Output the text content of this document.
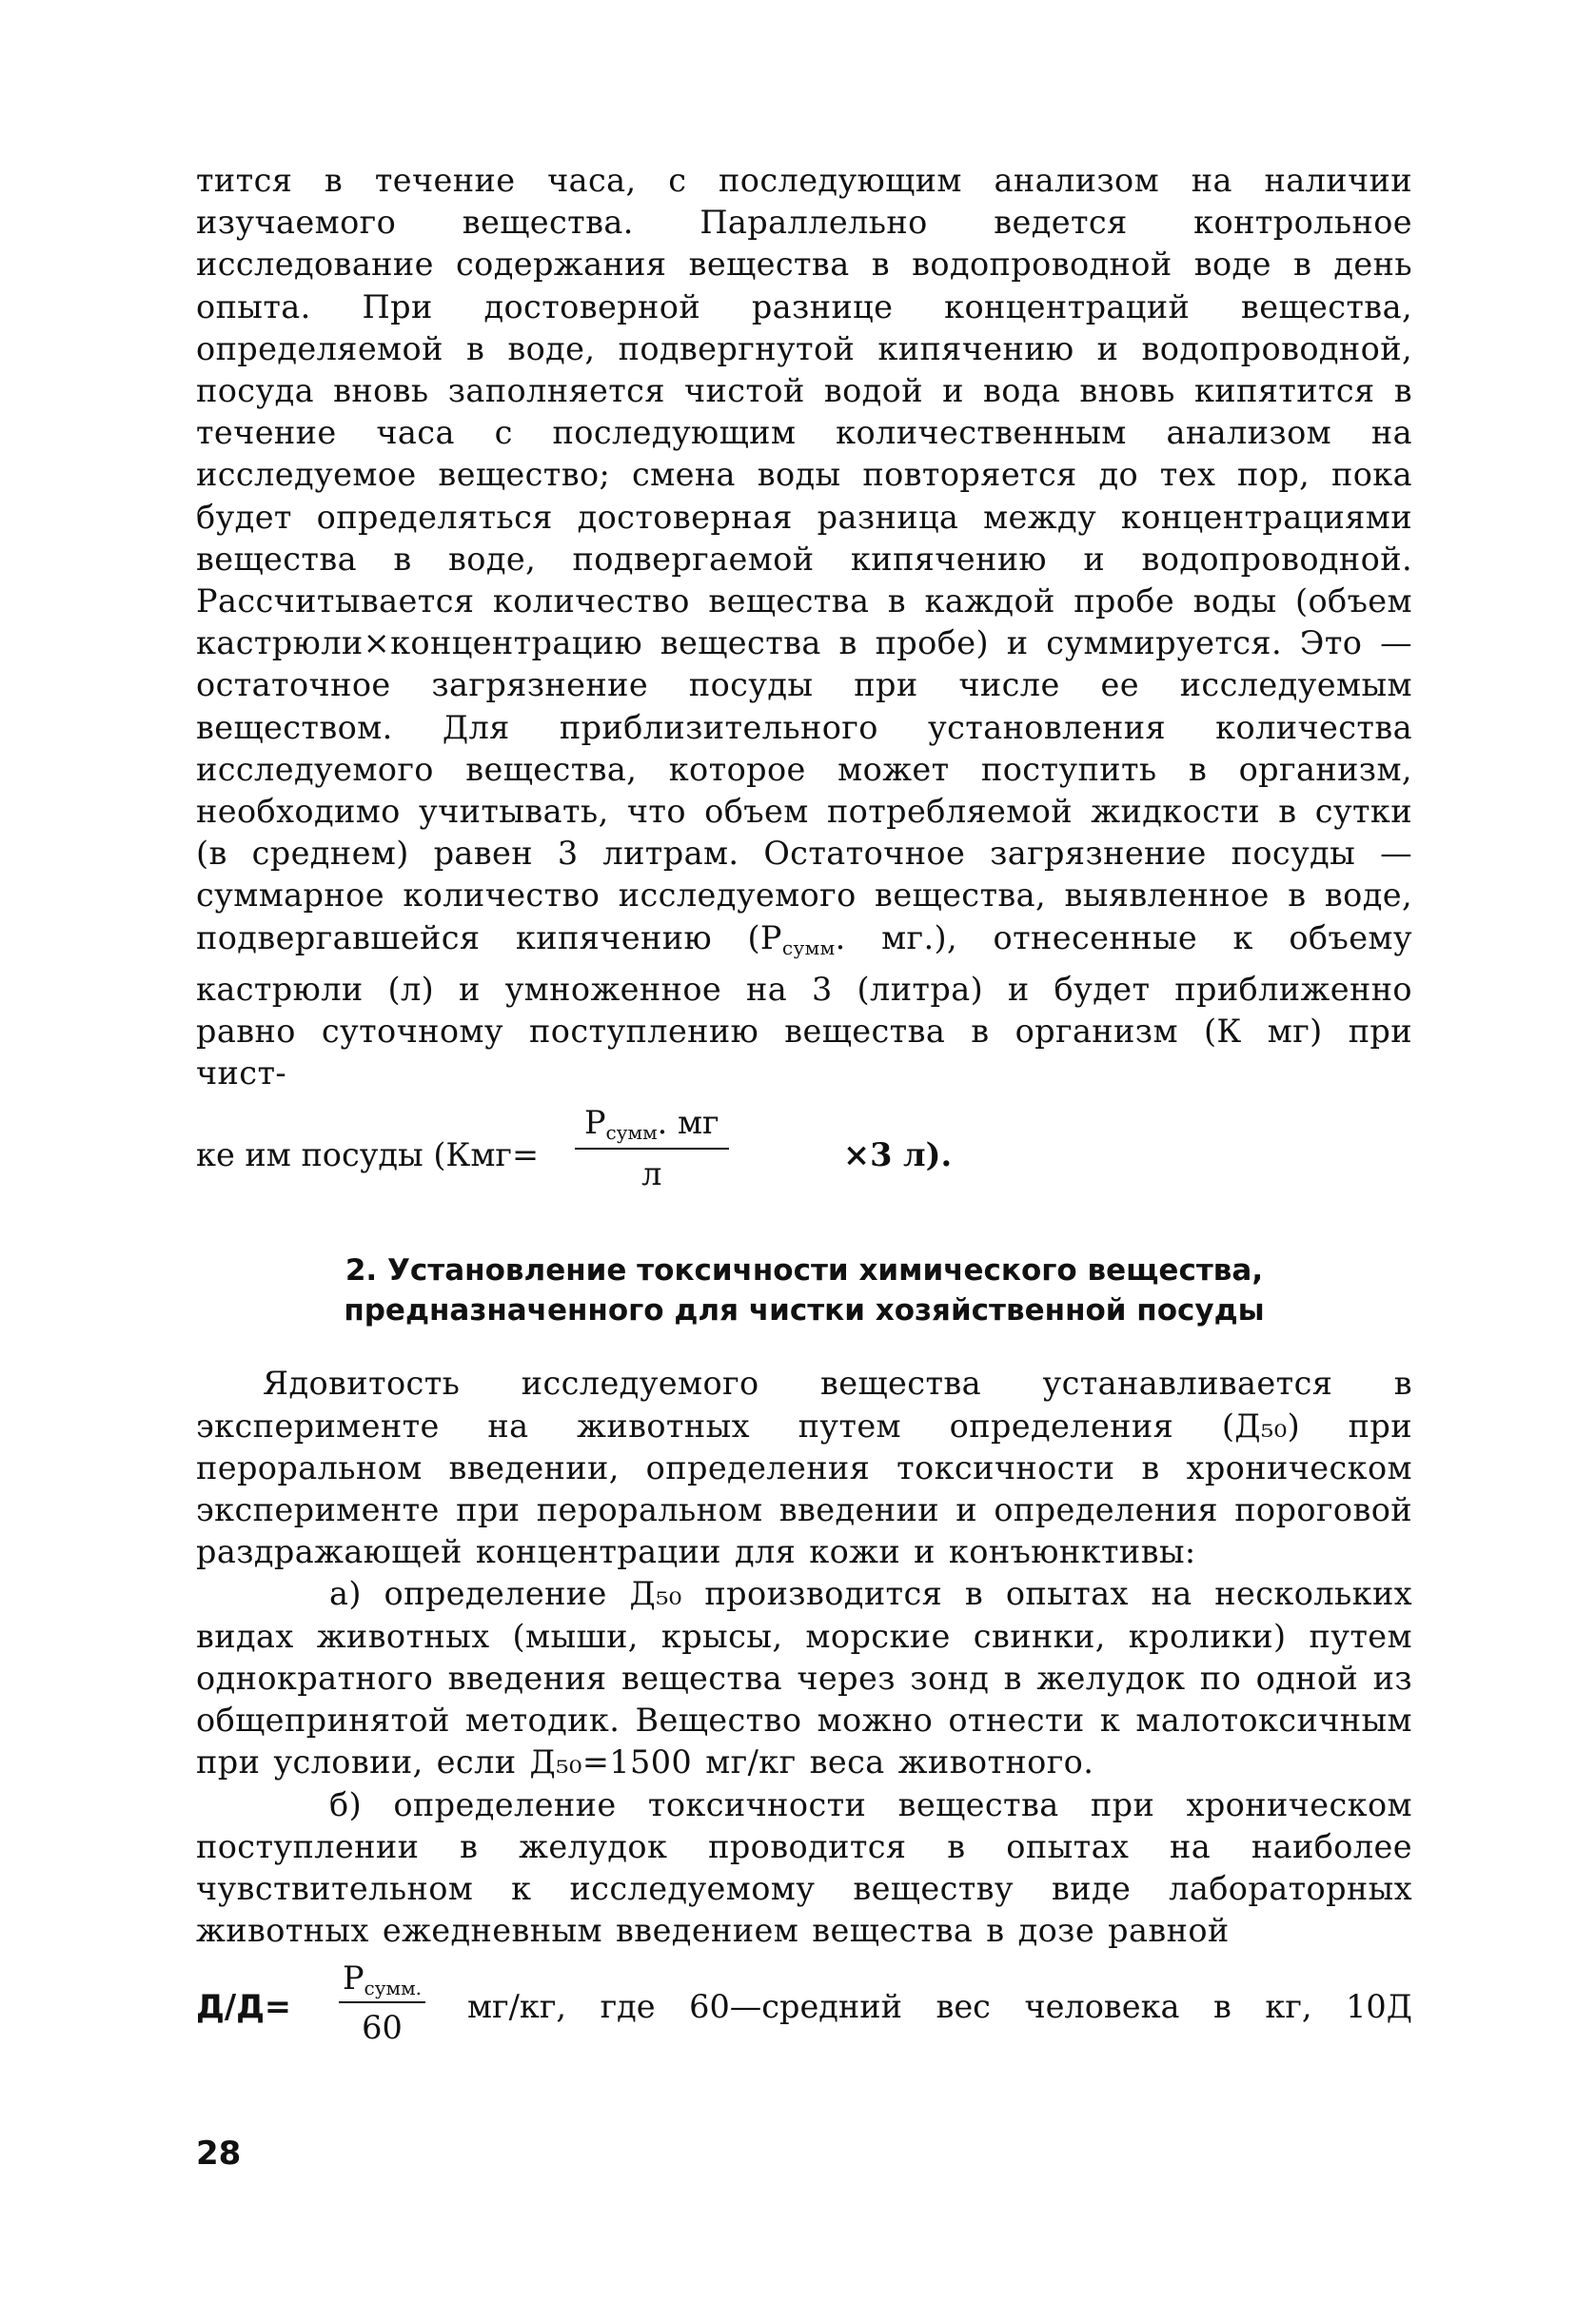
тится в течение часа, с последующим анализом на наличии изучаемого вещества. Параллельно ведется контрольное исследование содержания вещества в водопроводной воде в день опыта. При достоверной разнице концентраций вещества, определяемой в воде, подвергнутой кипячению и водопроводной, посуда вновь заполняется чистой водой и вода вновь кипятится в течение часа с последующим количественным анализом на исследуемое вещество; смена воды повторяется до тех пор, пока будет определяться достоверная разница между концентрациями вещества в воде, подвергаемой кипячению и водопроводной. Рассчитывается количество вещества в каждой пробе воды (объем кастрюли×концентрацию вещества в пробе) и суммируется. Это — остаточное загрязнение посуды при числе ее исследуемым веществом. Для приблизительного установления количества исследуемого вещества, которое может поступить в организм, необходимо учитывать, что объем потребляемой жидкости в сутки (в среднем) равен 3 литрам. Остаточное загрязнение посуды — суммарное количество исследуемого вещества, выявленное в воде, подвергавшейся кипячению ($Р_{сумм}$. мг.), отнесенные к объему кастрюли (л) и умноженное на 3 (литра) и будет приближенно равно суточному поступлению вещества в организм (К мг) при чист-

ке им посуды (Кмг=
$Р_{сумм}$. мг
л
×3 л).
2. Установление токсичности химического вещества,
предназначенного для чистки хозяйственной посуды

Ядовитость исследуемого вещества устанавливается в эксперименте на животных путем определения (Д₅₀) при пероральном введении, определения токсичности в хроническом эксперименте при пероральном введении и определения пороговой раздражающей концентрации для кожи и конъюнктивы:

а) определение Д₅₀ производится в опытах на нескольких видах животных (мыши, крысы, морские свинки, кролики) путем однократного введения вещества через зонд в желудок по одной из общепринятой методик. Вещество можно отнести к малотоксичным при условии, если Д₅₀=1500 мг/кг веса животного.

б) определение токсичности вещества при хроническом поступлении в желудок проводится в опытах на наиболее чувствительном к исследуемому веществу виде лабораторных животных ежедневным введением вещества в дозе равной

Д/Д=
$Р_{сумм.}$
60
мг/кг, где 60—средний вес человека в кг, 10Д
28
